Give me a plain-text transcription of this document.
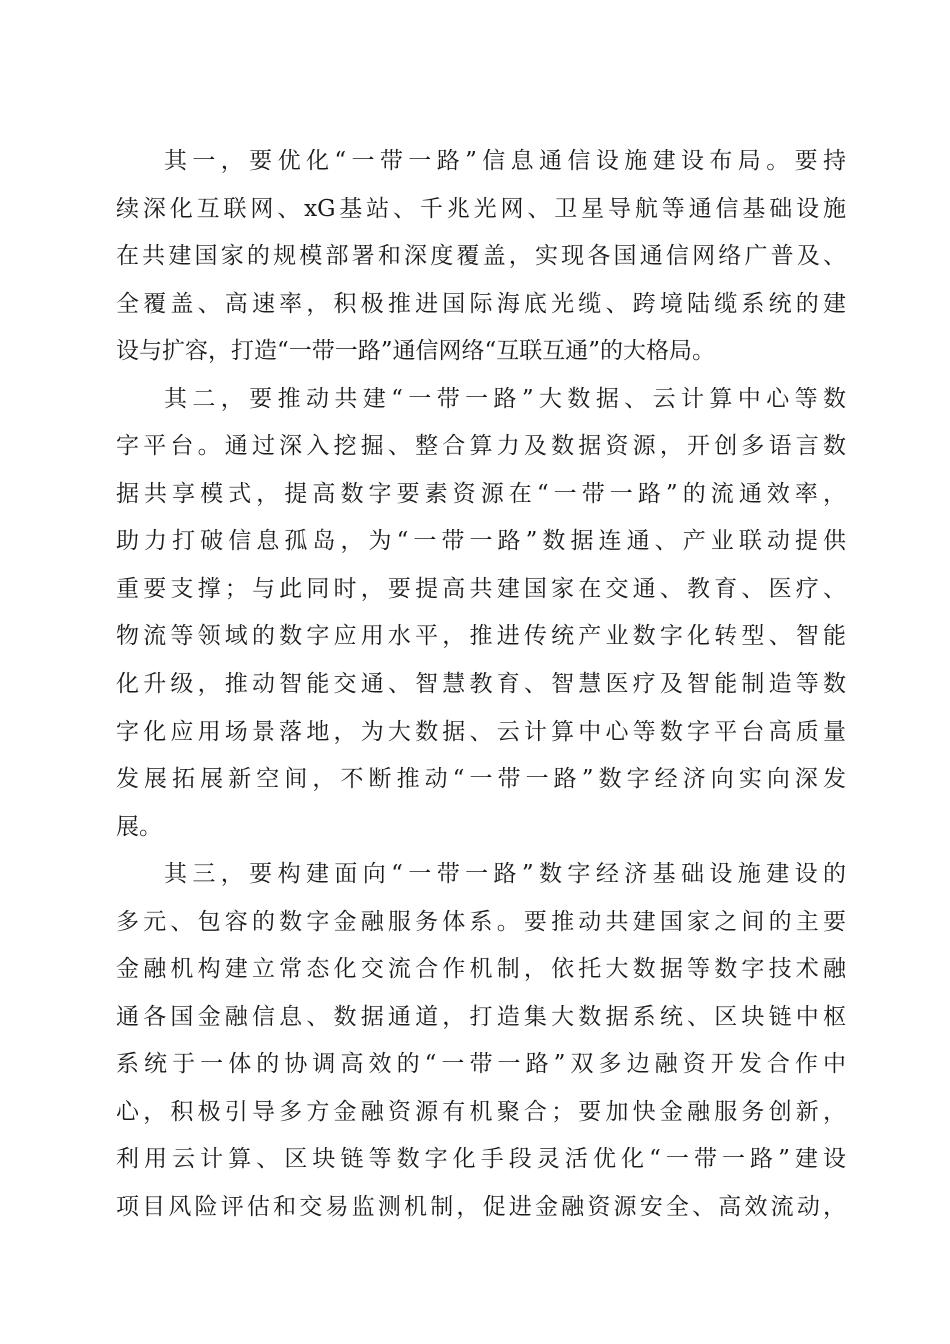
其一，要优化“一带一路”信息通信设施建设布局。要持
续深化互联网、xG基站、千兆光网、卫星导航等通信基础设施
在共建国家的规模部署和深度覆盖，实现各国通信网络广普及、
全覆盖、高速率，积极推进国际海底光缆、跨境陆缆系统的建
设与扩容，打造“一带一路”通信网络“互联互通”的大格局。
其二，要推动共建“一带一路”大数据、云计算中心等数
字平台。通过深入挖掘、整合算力及数据资源，开创多语言数
据共享模式，提高数字要素资源在“一带一路”的流通效率，
助力打破信息孤岛，为“一带一路”数据连通、产业联动提供
重要支撑；与此同时，要提高共建国家在交通、教育、医疗、
物流等领域的数字应用水平，推进传统产业数字化转型、智能
化升级，推动智能交通、智慧教育、智慧医疗及智能制造等数
字化应用场景落地，为大数据、云计算中心等数字平台高质量
发展拓展新空间，不断推动“一带一路”数字经济向实向深发
展。
其三，要构建面向“一带一路”数字经济基础设施建设的
多元、包容的数字金融服务体系。要推动共建国家之间的主要
金融机构建立常态化交流合作机制，依托大数据等数字技术融
通各国金融信息、数据通道，打造集大数据系统、区块链中枢
系统于一体的协调高效的“一带一路”双多边融资开发合作中
心，积极引导多方金融资源有机聚合；要加快金融服务创新，
利用云计算、区块链等数字化手段灵活优化“一带一路”建设
项目风险评估和交易监测机制，促进金融资源安全、高效流动，
